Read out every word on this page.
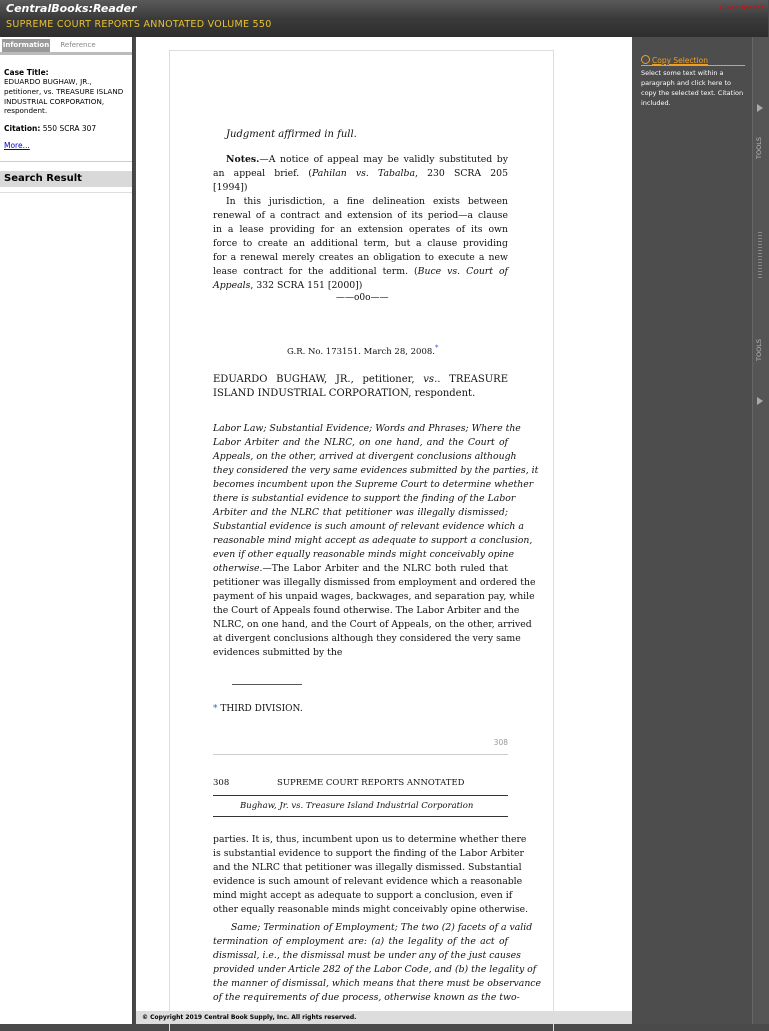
CentralBooks:Reader
SUPREME COURT REPORTS ANNOTATED VOLUME 550
Close reader
Information	Reference
Case Title:
EDUARDO BUGHAW, JR., petitioner, vs. TREASURE ISLAND INDUSTRIAL CORPORATION, respondent.
Citation: 550 SCRA 307
More...
Search Result
Judgment affirmed in full.
Notes.—A notice of appeal may be validly substituted by
an appeal brief. (Pahilan vs. Tabalba, 230 SCRA 205
[1994])
In this jurisdiction, a fine delineation exists between
renewal of a contract and extension of its period—a clause
in a lease providing for an extension operates of its own
force to create an additional term, but a clause providing
for a renewal merely creates an obligation to execute a new
lease contract for the additional term. (Buce vs. Court of
Appeals, 332 SCRA 151 [2000])
——o0o——
G.R. No. 173151. March 28, 2008.*
EDUARDO BUGHAW, JR., petitioner, vs.. TREASURE
ISLAND INDUSTRIAL CORPORATION, respondent.
Labor Law; Substantial Evidence; Words and Phrases; Where the
Labor Arbiter and the NLRC, on one hand, and the Court of
Appeals, on the other, arrived at divergent conclusions although
they considered the very same evidences submitted by the parties, it
becomes incumbent upon the Supreme Court to determine whether
there is substantial evidence to support the finding of the Labor
Arbiter and the NLRC that petitioner was illegally dismissed;
Substantial evidence is such amount of relevant evidence which a
reasonable mind might accept as adequate to support a conclusion,
even if other equally reasonable minds might conceivably opine
otherwise.—The Labor Arbiter and the NLRC both ruled that
petitioner was illegally dismissed from employment and ordered the
payment of his unpaid wages, backwages, and separation pay, while
the Court of Appeals found otherwise. The Labor Arbiter and the
NLRC, on one hand, and the Court of Appeals, on the other, arrived
at divergent conclusions although they considered the very same
evidences submitted by the
* THIRD DIVISION.
308
308	SUPREME COURT REPORTS ANNOTATED
Bughaw, Jr. vs. Treasure Island Industrial Corporation
parties. It is, thus, incumbent upon us to determine whether there
is substantial evidence to support the finding of the Labor Arbiter
and the NLRC that petitioner was illegally dismissed. Substantial
evidence is such amount of relevant evidence which a reasonable
mind might accept as adequate to support a conclusion, even if
other equally reasonable minds might conceivably opine otherwise.
Same; Termination of Employment; The two (2) facets of a valid
termination of employment are: (a) the legality of the act of
dismissal, i.e., the dismissal must be under any of the just causes
provided under Article 282 of the Labor Code, and (b) the legality of
the manner of dismissal, which means that there must be observance
of the requirements of due process, otherwise known as the two-
© Copyright 2019 Central Book Supply, Inc. All rights reserved.
Copy Selection
Select some text within a paragraph and click here to copy the selected text. Citation included.
TOOLS
TOOLS
